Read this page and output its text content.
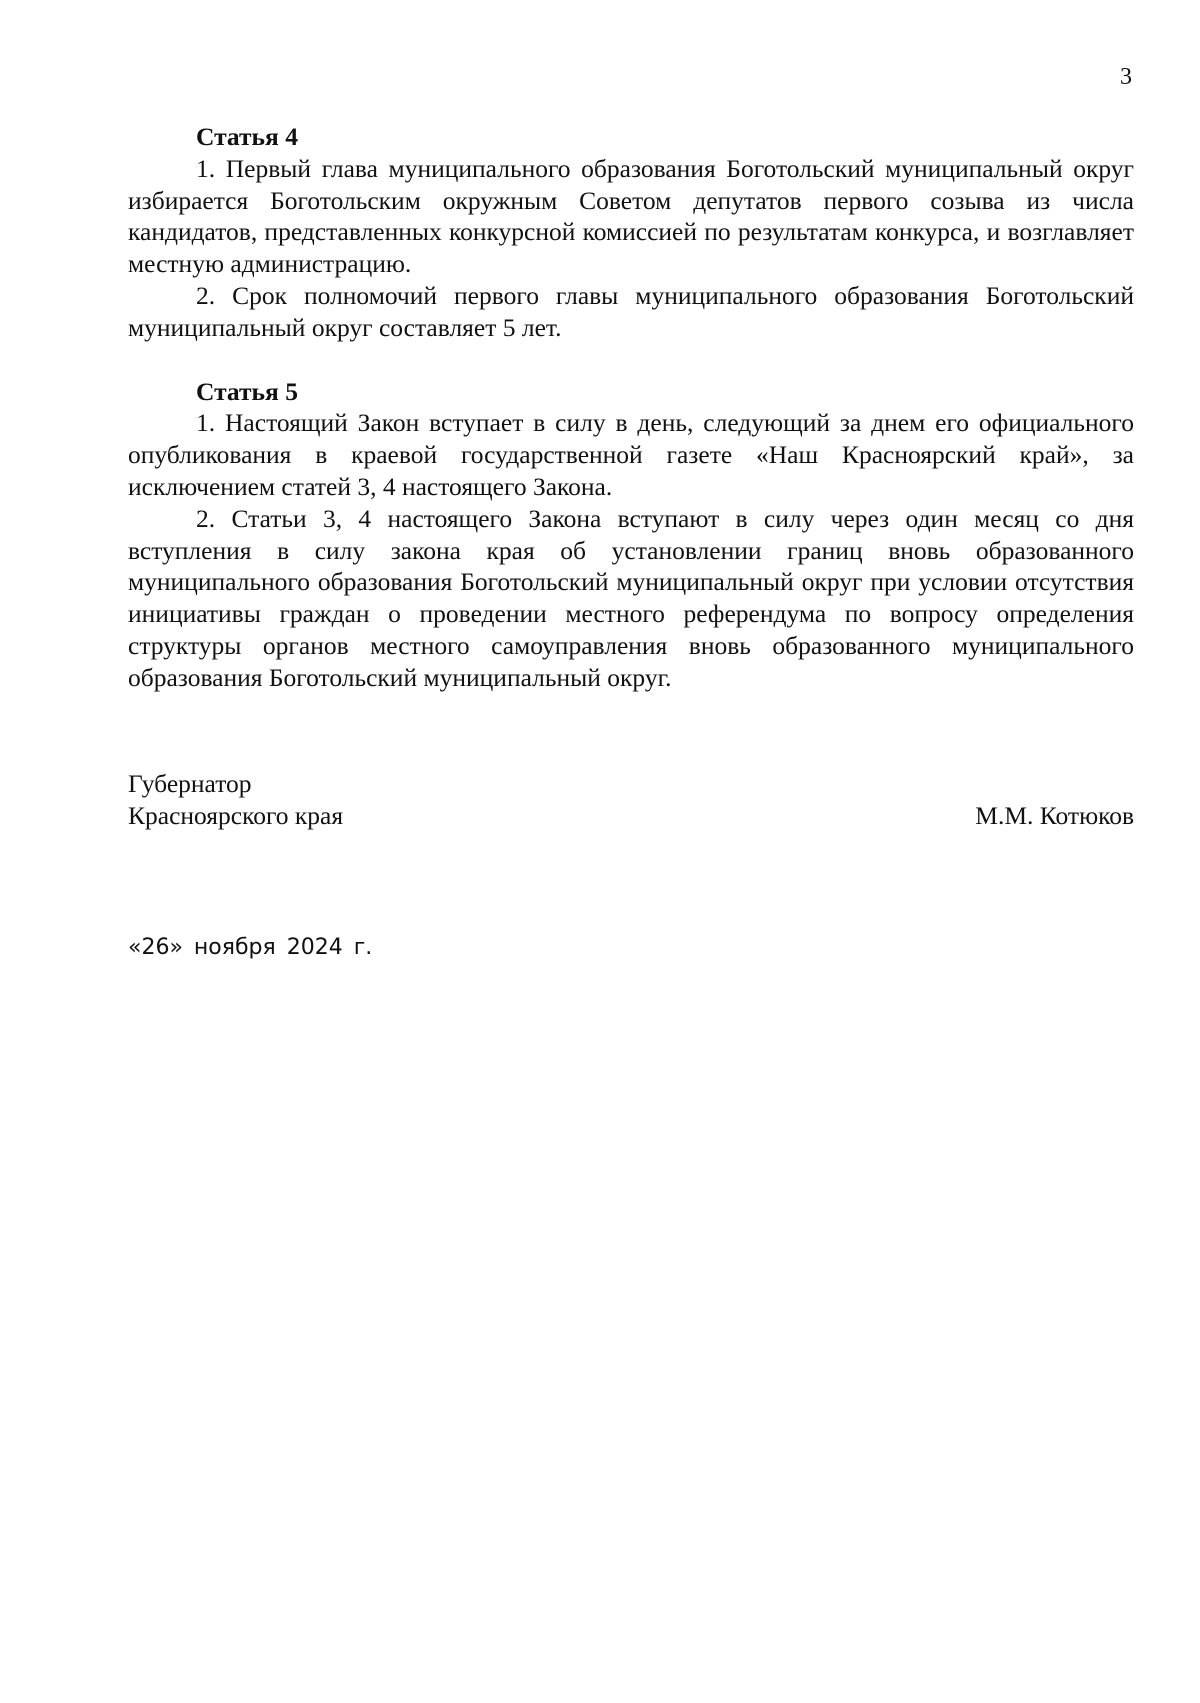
3
Статья 4

1. Первый глава муниципального образования Боготольский муниципальный округ избирается Боготольским окружным Советом депутатов первого созыва из числа кандидатов, представленных конкурсной комиссией по результатам конкурса, и возглавляет местную администрацию.

2. Срок полномочий первого главы муниципального образования Боготольский муниципальный округ составляет 5 лет.

Статья 5

1. Настоящий Закон вступает в силу в день, следующий за днем его официального опубликования в краевой государственной газете «Наш Красноярский край», за исключением статей 3, 4 настоящего Закона.

2. Статьи 3, 4 настоящего Закона вступают в силу через один месяц со дня вступления в силу закона края об установлении границ вновь образованного муниципального образования Боготольский муниципальный округ при условии отсутствия инициативы граждан о проведении местного референдума по вопросу определения структуры органов местного самоуправления вновь образованного муниципального образования Боготольский муниципальный округ.

Губернатор
Красноярского края	М.М. Котюков
«26» ноября 2024 г.
